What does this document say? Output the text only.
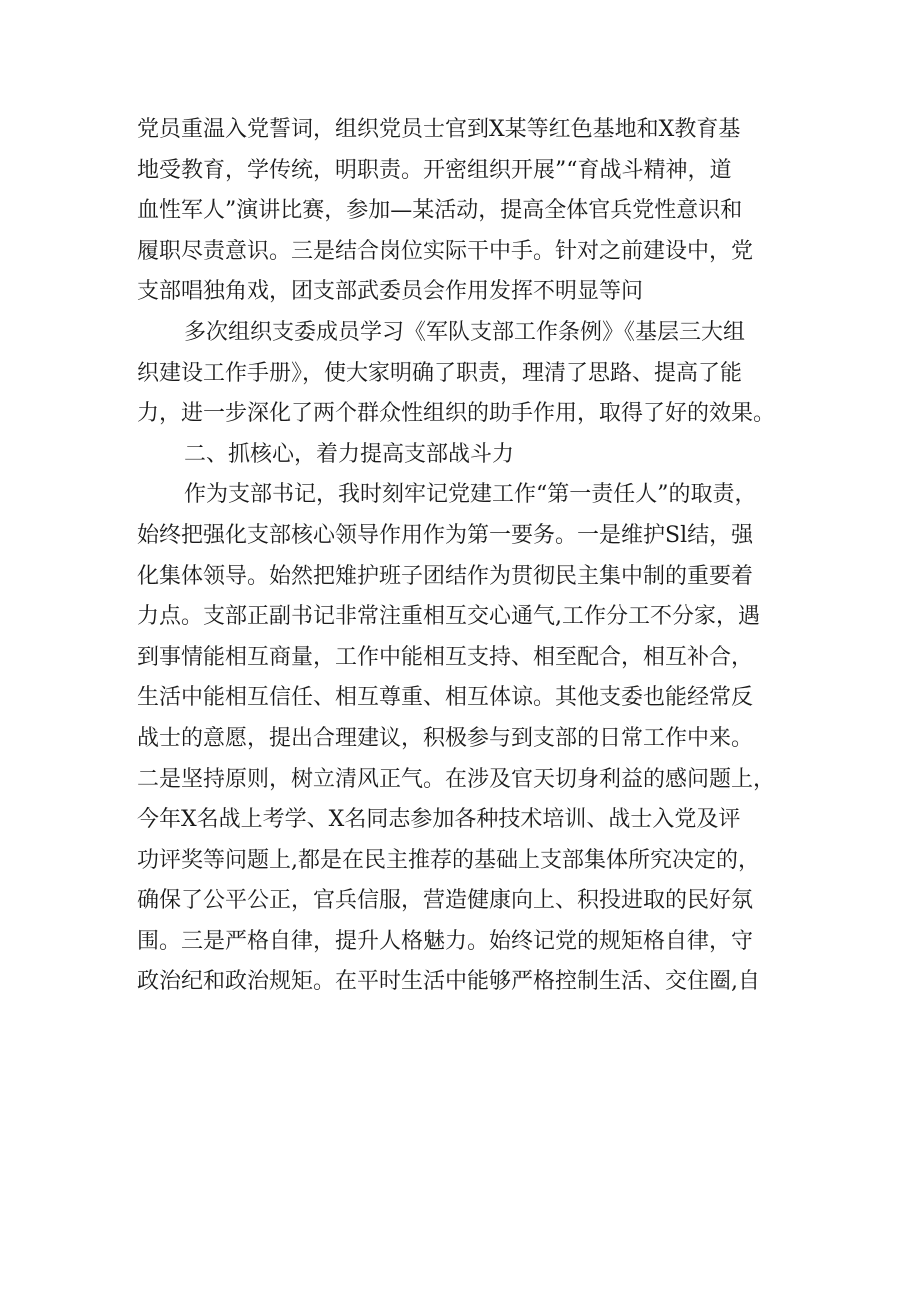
党员重温入党誓词，组织党员士官到X某等红色基地和X教育基
地受教育，学传统，明职责。开密组织开展”“育战斗精神，道
血性军人”演讲比赛，参加—某活动，提高全体官兵党性意识和
履职尽责意识。三是结合岗位实际干中手。针对之前建设中，党
支部唱独角戏，团支部武委员会作用发挥不明显等问
多次组织支委成员学习《军队支部工作条例》《基层三大组
织建设工作手册》，使大家明确了职责，理清了思路、提高了能
力，进一步深化了两个群众性组织的助手作用，取得了好的效果。
二、抓核心，着力提高支部战斗力
作为支部书记，我时刻牢记党建工作“第一责任人”的取责，
始终把强化支部核心领导作用作为第一要务。一是维护Sl结，强
化集体领导。始然把雉护班子团结作为贯彻民主集中制的重要着
力点。支部正副书记非常注重相互交心通气,工作分工不分家，遇
到事情能相互商量，工作中能相互支持、相至配合，相互补合，
生活中能相互信任、相互尊重、相互体谅。其他支委也能经常反
战士的意愿，提出合理建议，积极参与到支部的日常工作中来。
二是坚持原则，树立清风正气。在涉及官天切身利益的感问题上，
今年X名战上考学、X名同志参加各种技术培训、战士入党及评
功评奖等问题上,都是在民主推荐的基础上支部集体所究决定的，
确保了公平公正，官兵信服，营造健康向上、积投进取的民好氛
围。三是严格自律，提升人格魅力。始终记党的规矩格自律，守
政治纪和政治规矩。在平时生活中能够严格控制生活、交住圈,自
